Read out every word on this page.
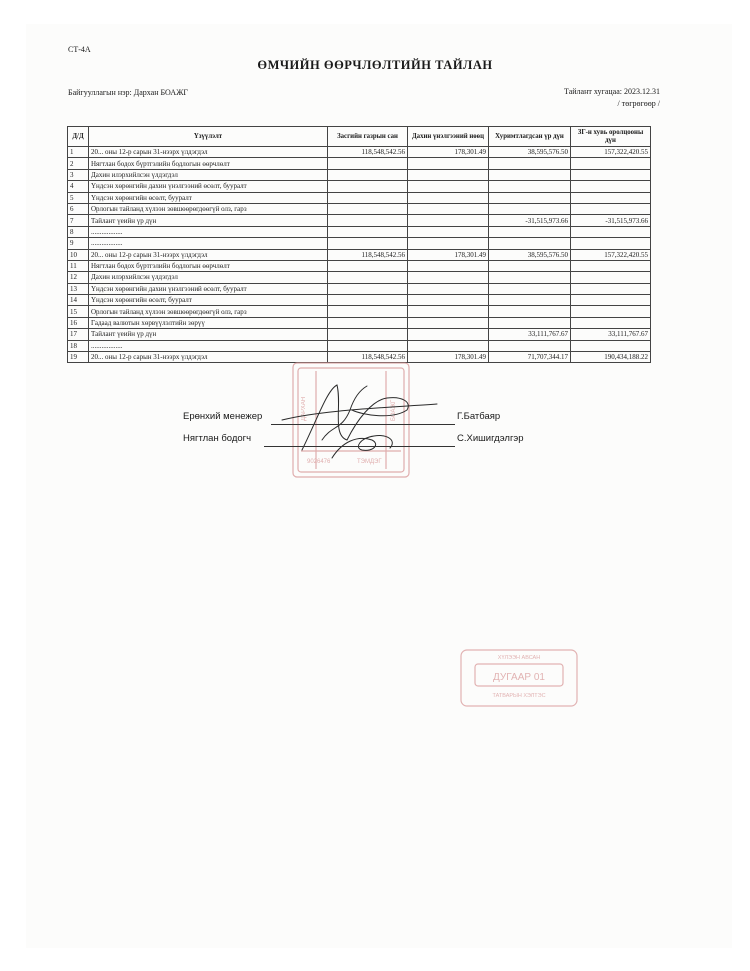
СТ-4А
ӨМЧИЙН ӨӨРЧЛӨЛТИЙН ТАЙЛАН
Байгууллагын нэр: Дархан БОАЖГ	Тайлант хугацаа: 2023.12.31
/ төгрөгөөр /
Д/Д	Үзүүлэлт	Засгийн газрын сан	Дахин үнэлгээний нөөц	Хуримтлагдсан үр дүн	ЗГ-н хувь оролцооны дүн
1	20... оны 12-р сарын 31-нээрх үлдэгдэл	118,548,542.56	178,301.49	38,595,576.50	157,322,420.55
2	Нягтлан бодох бүртгэлийн бодлогын өөрчлөлт				
3	Дахин илэрхийлсэн үлдэгдэл				
4	Үндсэн хөрөнгийн дахин үнэлгээний өсөлт, бууралт				
5	Үндсэн хөрөнгийн өсөлт, бууралт				
6	Орлогын тайланд хүлээн зөвшөөрөгдөөгүй олз, гарз				
7	Тайлант үеийн үр дүн			-31,515,973.66	-31,515,973.66
8	..................				
9	..................				
10	20... оны 12-р сарын 31-нээрх үлдэгдэл	118,548,542.56	178,301.49	38,595,576.50	157,322,420.55
11	Нягтлан бодох бүртгэлийн бодлогын өөрчлөлт				
12	Дахин илэрхийлсэн үлдэгдэл				
13	Үндсэн хөрөнгийн дахин үнэлгээний өсөлт, бууралт				
14	Үндсэн хөрөнгийн өсөлт, бууралт				
15	Орлогын тайланд хүлээн зөвшөөрөгдөөгүй олз, гарз				
16	Гадаад валютын хөрвүүлэлтийн зөрүү				
17	Тайлант үеийн үр дүн			33,111,767.67	33,111,767.67
18	..................				
19	20... оны 12-р сарын 31-нээрх үлдэгдэл	118,548,542.56	178,301.49	71,707,344.17	190,434,188.22
ДАРХАН	БОАЖГ
9026476	ТЭМДЭГ
Ерөнхий менежер	Г.Батбаяр
Нягтлан бодогч	С.Хишигдэлгэр
ХҮЛЭЭН АВСАН
ДУГААР 01
ТАТВАРЫН ХЭЛТЭС
